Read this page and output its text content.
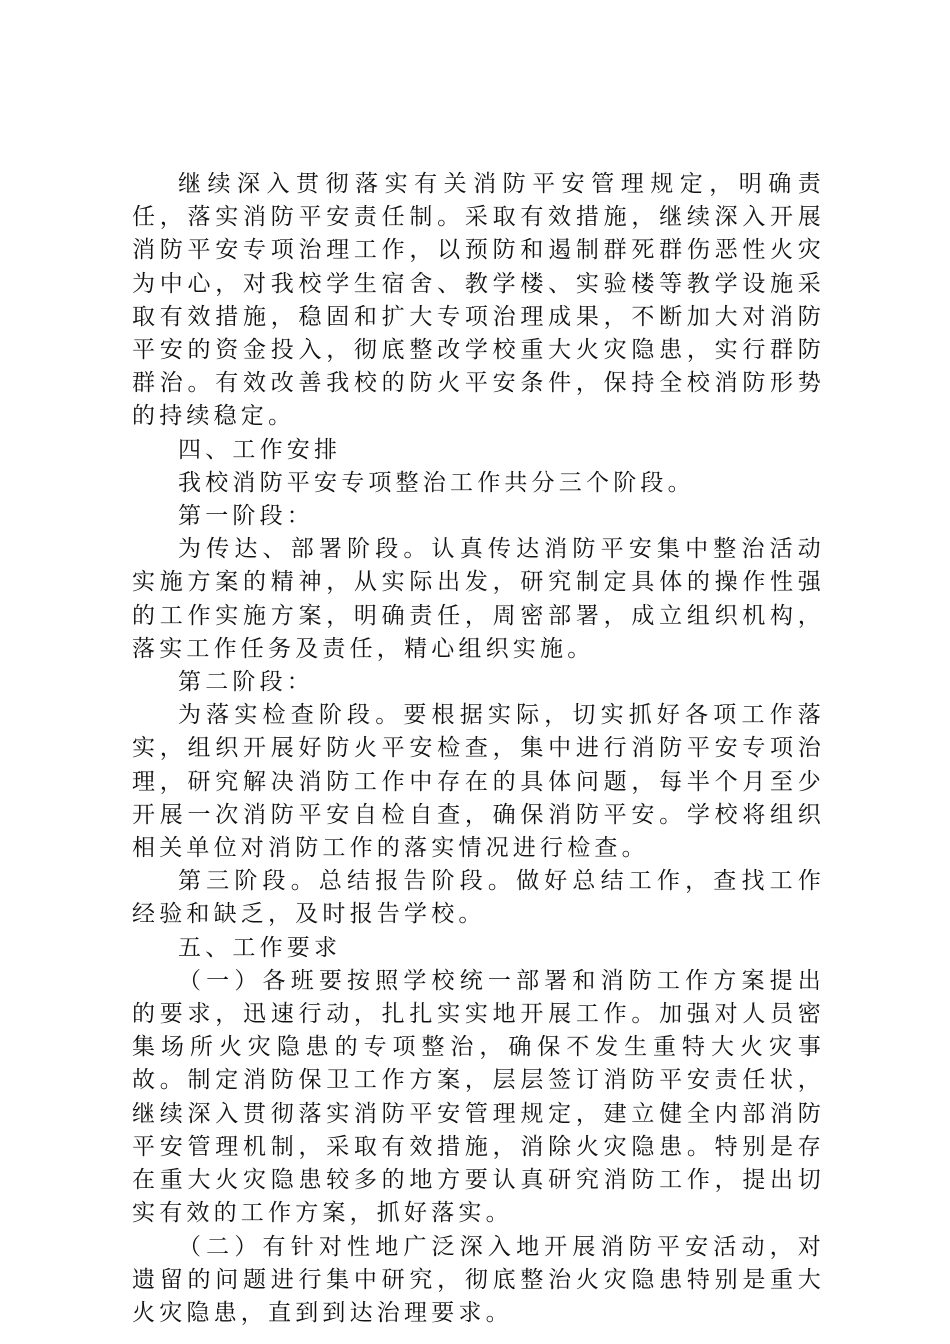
继续深入贯彻落实有关消防平安管理规定，明确责任，落实消防平安责任制。采取有效措施，继续深入开展消防平安专项治理工作，以预防和遏制群死群伤恶性火灾为中心，对我校学生宿舍、教学楼、实验楼等教学设施采取有效措施，稳固和扩大专项治理成果，不断加大对消防平安的资金投入，彻底整改学校重大火灾隐患，实行群防群治。有效改善我校的防火平安条件，保持全校消防形势的持续稳定。

四、工作安排

我校消防平安专项整治工作共分三个阶段。

第一阶段：

为传达、部署阶段。认真传达消防平安集中整治活动实施方案的精神，从实际出发，研究制定具体的操作性强的工作实施方案，明确责任，周密部署，成立组织机构，落实工作任务及责任，精心组织实施。

第二阶段：

为落实检查阶段。要根据实际，切实抓好各项工作落实，组织开展好防火平安检查，集中进行消防平安专项治理，研究解决消防工作中存在的具体问题，每半个月至少开展一次消防平安自检自查，确保消防平安。学校将组织相关单位对消防工作的落实情况进行检查。

第三阶段。总结报告阶段。做好总结工作，查找工作经验和缺乏，及时报告学校。

五、工作要求

（一）各班要按照学校统一部署和消防工作方案提出的要求，迅速行动，扎扎实实地开展工作。加强对人员密集场所火灾隐患的专项整治，确保不发生重特大火灾事故。制定消防保卫工作方案，层层签订消防平安责任状，继续深入贯彻落实消防平安管理规定，建立健全内部消防平安管理机制，采取有效措施，消除火灾隐患。特别是存在重大火灾隐患较多的地方要认真研究消防工作，提出切实有效的工作方案，抓好落实。

（二）有针对性地广泛深入地开展消防平安活动，对遗留的问题进行集中研究，彻底整治火灾隐患特别是重大火灾隐患，直到到达治理要求。
